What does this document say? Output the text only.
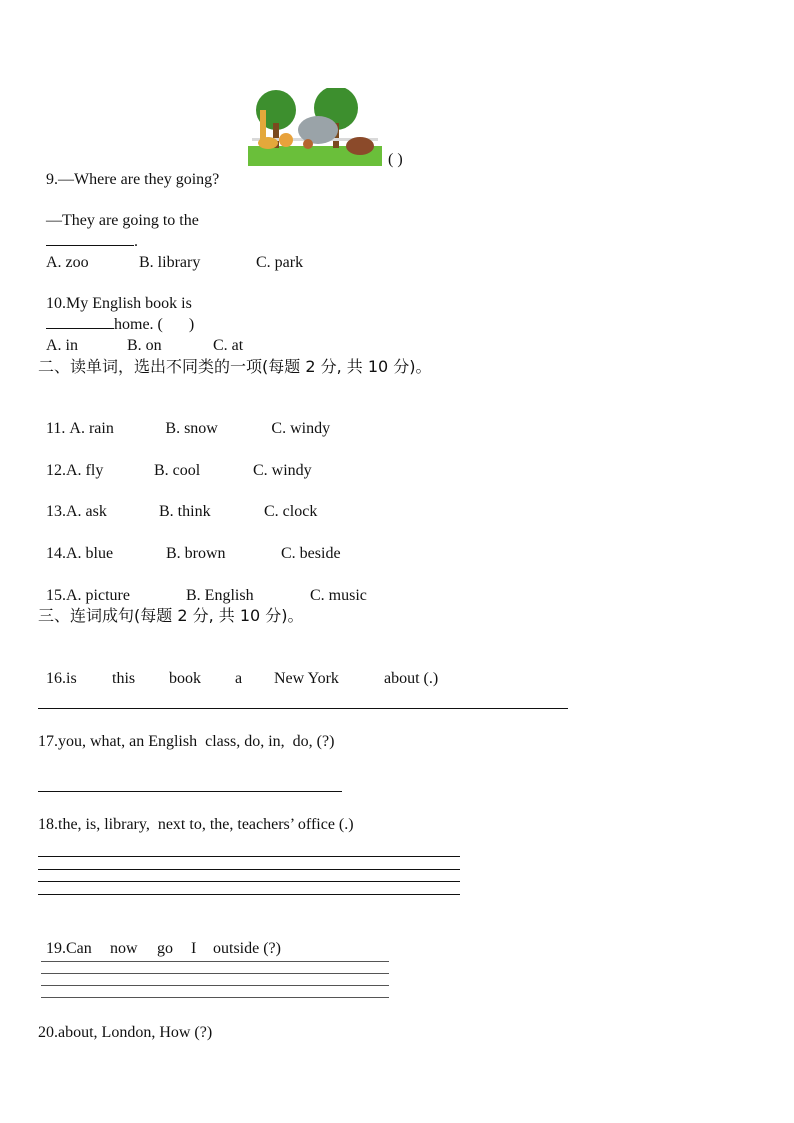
9.—Where are they going?

( )

—They are going to the
.

A. zoo	B. library	C. park

10.My English book is
home. ( )

A. in	B. on	C. at

二、读单词，选出不同类的一项(每题 2 分, 共 10 分)。

11. A. rain	B. snow	C. windy

12.A. fly	B. cool	C. windy

13.A. ask	B. think	C. clock

14.A. blue	B. brown	C. beside

15.A. picture	B. English	C. music

三、连词成句(每题 2 分, 共 10 分)。

16.is this book a New York	about (.)

17.you, what, an English  class, do, in,  do, (?)
18.the, is, library,  next to, the, teachers’ office (.)

19.Can now go I outside (?)

20.about, London, How (?)
